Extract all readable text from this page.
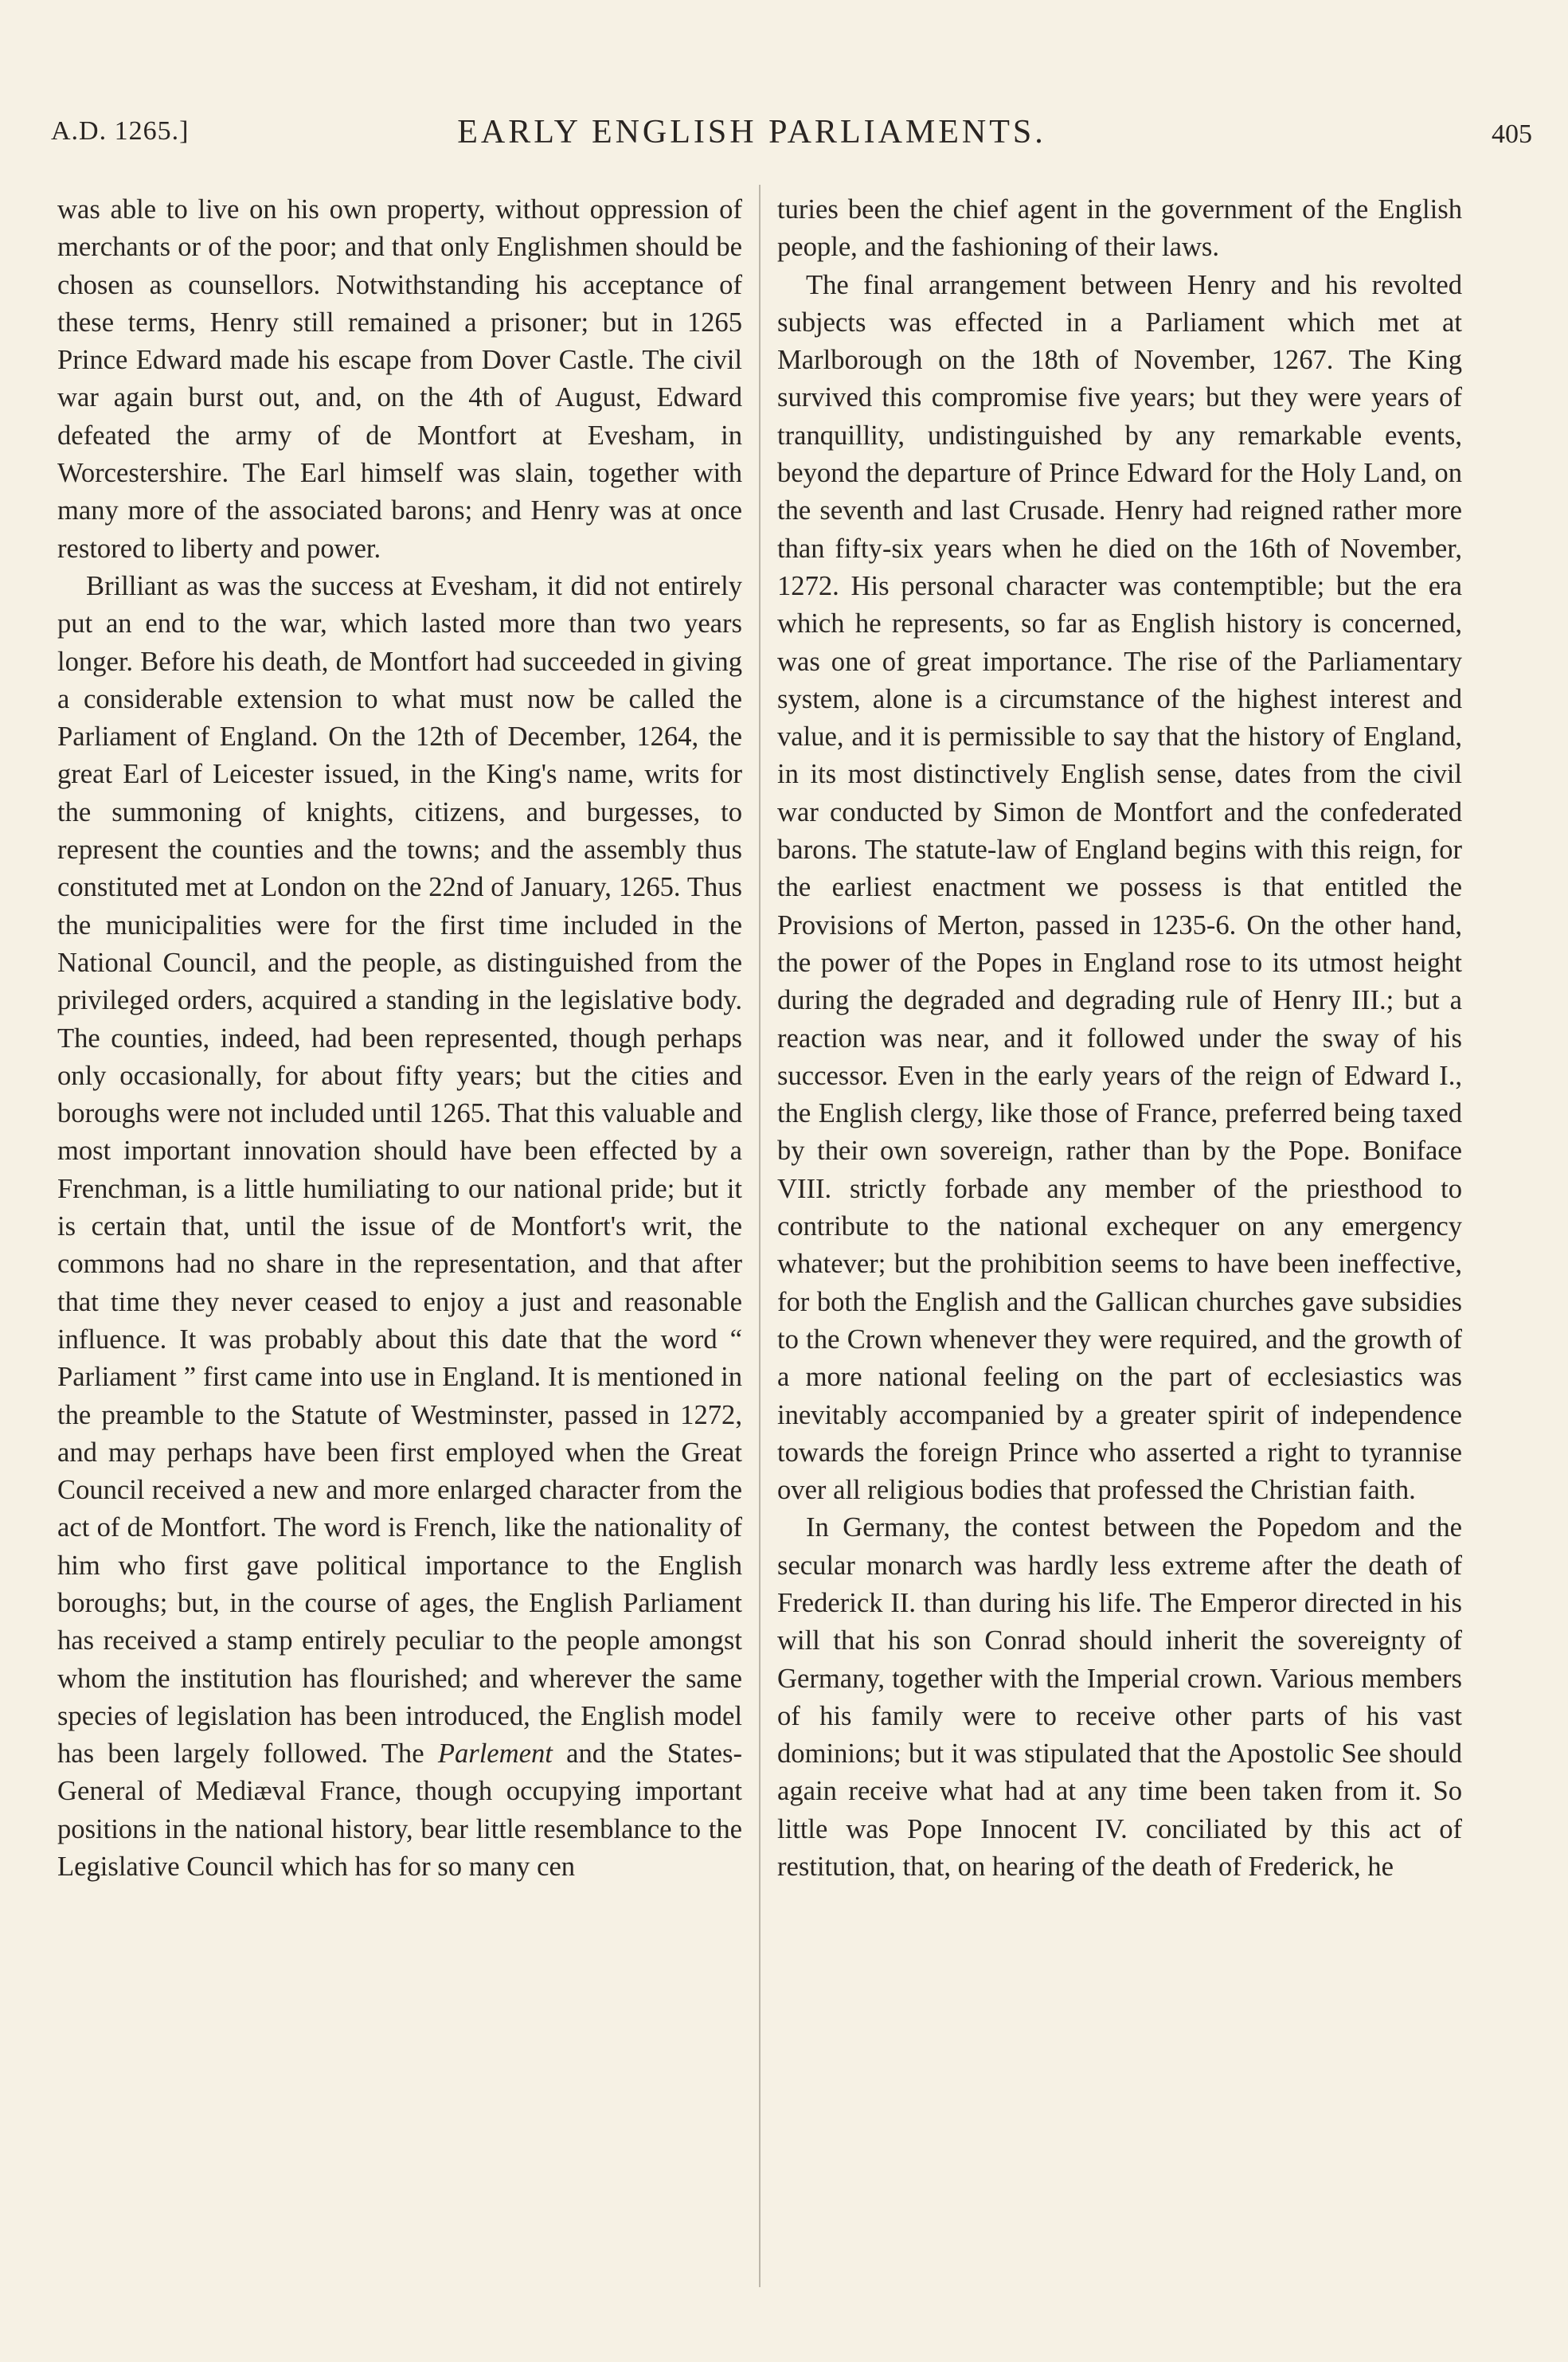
A.D. 1265.]	EARLY ENGLISH PARLIAMENTS.	405

was able to live on his own property, without oppression of merchants or of the poor; and that only Englishmen should be chosen as counsellors. Notwithstanding his acceptance of these terms, Henry still remained a prisoner; but in 1265 Prince Edward made his escape from Dover Castle. The civil war again burst out, and, on the 4th of August, Edward defeated the army of de Montfort at Evesham, in Worcestershire. The Earl himself was slain, together with many more of the associated barons; and Henry was at once restored to liberty and power.

Brilliant as was the success at Evesham, it did not entirely put an end to the war, which lasted more than two years longer. Before his death, de Montfort had succeeded in giving a considerable extension to what must now be called the Parliament of England. On the 12th of December, 1264, the great Earl of Leicester issued, in the King's name, writs for the summoning of knights, citizens, and burgesses, to represent the counties and the towns; and the assembly thus constituted met at London on the 22nd of January, 1265. Thus the municipalities were for the first time included in the National Council, and the people, as distinguished from the privileged orders, acquired a standing in the legislative body. The counties, indeed, had been represented, though perhaps only occasionally, for about fifty years; but the cities and boroughs were not included until 1265. That this valuable and most important innovation should have been effected by a Frenchman, is a little humiliating to our national pride; but it is certain that, until the issue of de Montfort's writ, the commons had no share in the representation, and that after that time they never ceased to enjoy a just and reasonable influence. It was probably about this date that the word “ Parliament ” first came into use in England. It is mentioned in the preamble to the Statute of Westminster, passed in 1272, and may perhaps have been first employed when the Great Council received a new and more enlarged character from the act of de Montfort. The word is French, like the nationality of him who first gave political importance to the English boroughs; but, in the course of ages, the English Parliament has received a stamp entirely peculiar to the people amongst whom the institution has flourished; and wherever the same species of legislation has been introduced, the English model has been largely followed. The Parlement and the States-General of Mediæval France, though occupying important positions in the national history, bear little resemblance to the Legislative Council which has for so many cen

turies been the chief agent in the government of the English people, and the fashioning of their laws.

The final arrangement between Henry and his revolted subjects was effected in a Parliament which met at Marlborough on the 18th of November, 1267. The King survived this compromise five years; but they were years of tranquillity, undistinguished by any remarkable events, beyond the departure of Prince Edward for the Holy Land, on the seventh and last Crusade. Henry had reigned rather more than fifty-six years when he died on the 16th of November, 1272. His personal character was contemptible; but the era which he represents, so far as English history is concerned, was one of great importance. The rise of the Parliamentary system, alone is a circumstance of the highest interest and value, and it is permissible to say that the history of England, in its most distinctively English sense, dates from the civil war conducted by Simon de Montfort and the confederated barons. The statute-law of England begins with this reign, for the earliest enactment we possess is that entitled the Provisions of Merton, passed in 1235-6. On the other hand, the power of the Popes in England rose to its utmost height during the degraded and degrading rule of Henry III.; but a reaction was near, and it followed under the sway of his successor. Even in the early years of the reign of Edward I., the English clergy, like those of France, preferred being taxed by their own sovereign, rather than by the Pope. Boniface VIII. strictly forbade any member of the priesthood to contribute to the national exchequer on any emergency whatever; but the prohibition seems to have been ineffective, for both the English and the Gallican churches gave subsidies to the Crown whenever they were required, and the growth of a more national feeling on the part of ecclesiastics was inevitably accompanied by a greater spirit of independence towards the foreign Prince who asserted a right to tyrannise over all religious bodies that professed the Christian faith.

In Germany, the contest between the Popedom and the secular monarch was hardly less extreme after the death of Frederick II. than during his life. The Emperor directed in his will that his son Conrad should inherit the sovereignty of Germany, together with the Imperial crown. Various members of his family were to receive other parts of his vast dominions; but it was stipulated that the Apostolic See should again receive what had at any time been taken from it. So little was Pope Innocent IV. conciliated by this act of restitution, that, on hearing of the death of Frederick, he
